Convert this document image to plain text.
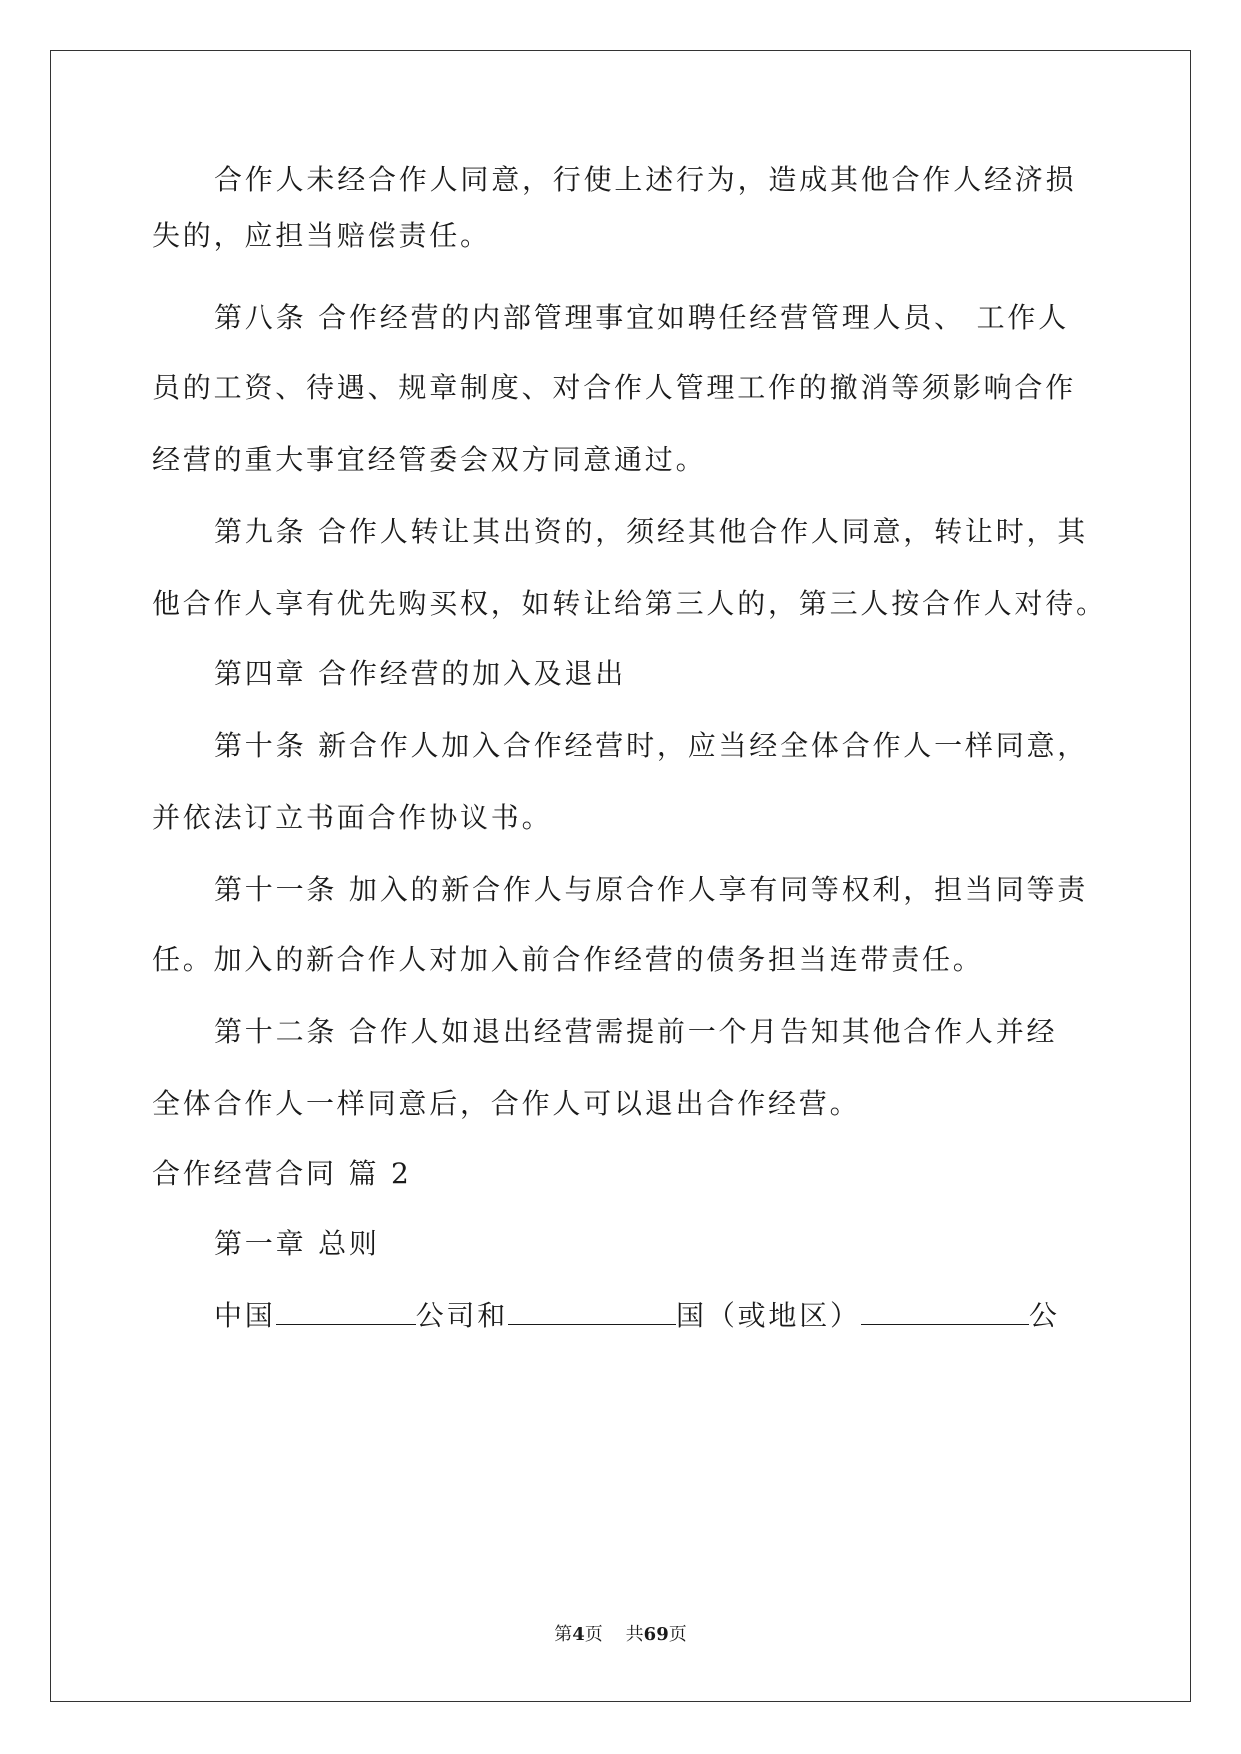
合作人未经合作人同意，行使上述行为，造成其他合作人经济损
失的，应担当赔偿责任。
第八条 合作经营的内部管理事宜如聘任经营管理人员、 工作人
员的工资、待遇、规章制度、对合作人管理工作的撤消等须影响合作
经营的重大事宜经管委会双方同意通过。
第九条 合作人转让其出资的，须经其他合作人同意，转让时，其
他合作人享有优先购买权，如转让给第三人的，第三人按合作人对待。
第四章 合作经营的加入及退出
第十条 新合作人加入合作经营时，应当经全体合作人一样同意，
并依法订立书面合作协议书。
第十一条 加入的新合作人与原合作人享有同等权利，担当同等责
任。加入的新合作人对加入前合作经营的债务担当连带责任。
第十二条 合作人如退出经营需提前一个月告知其他合作人并经
全体合作人一样同意后，合作人可以退出合作经营。
合作经营合同 篇 2
第一章 总则
中国	公司和	国（或地区）	公
第4页    共69页
